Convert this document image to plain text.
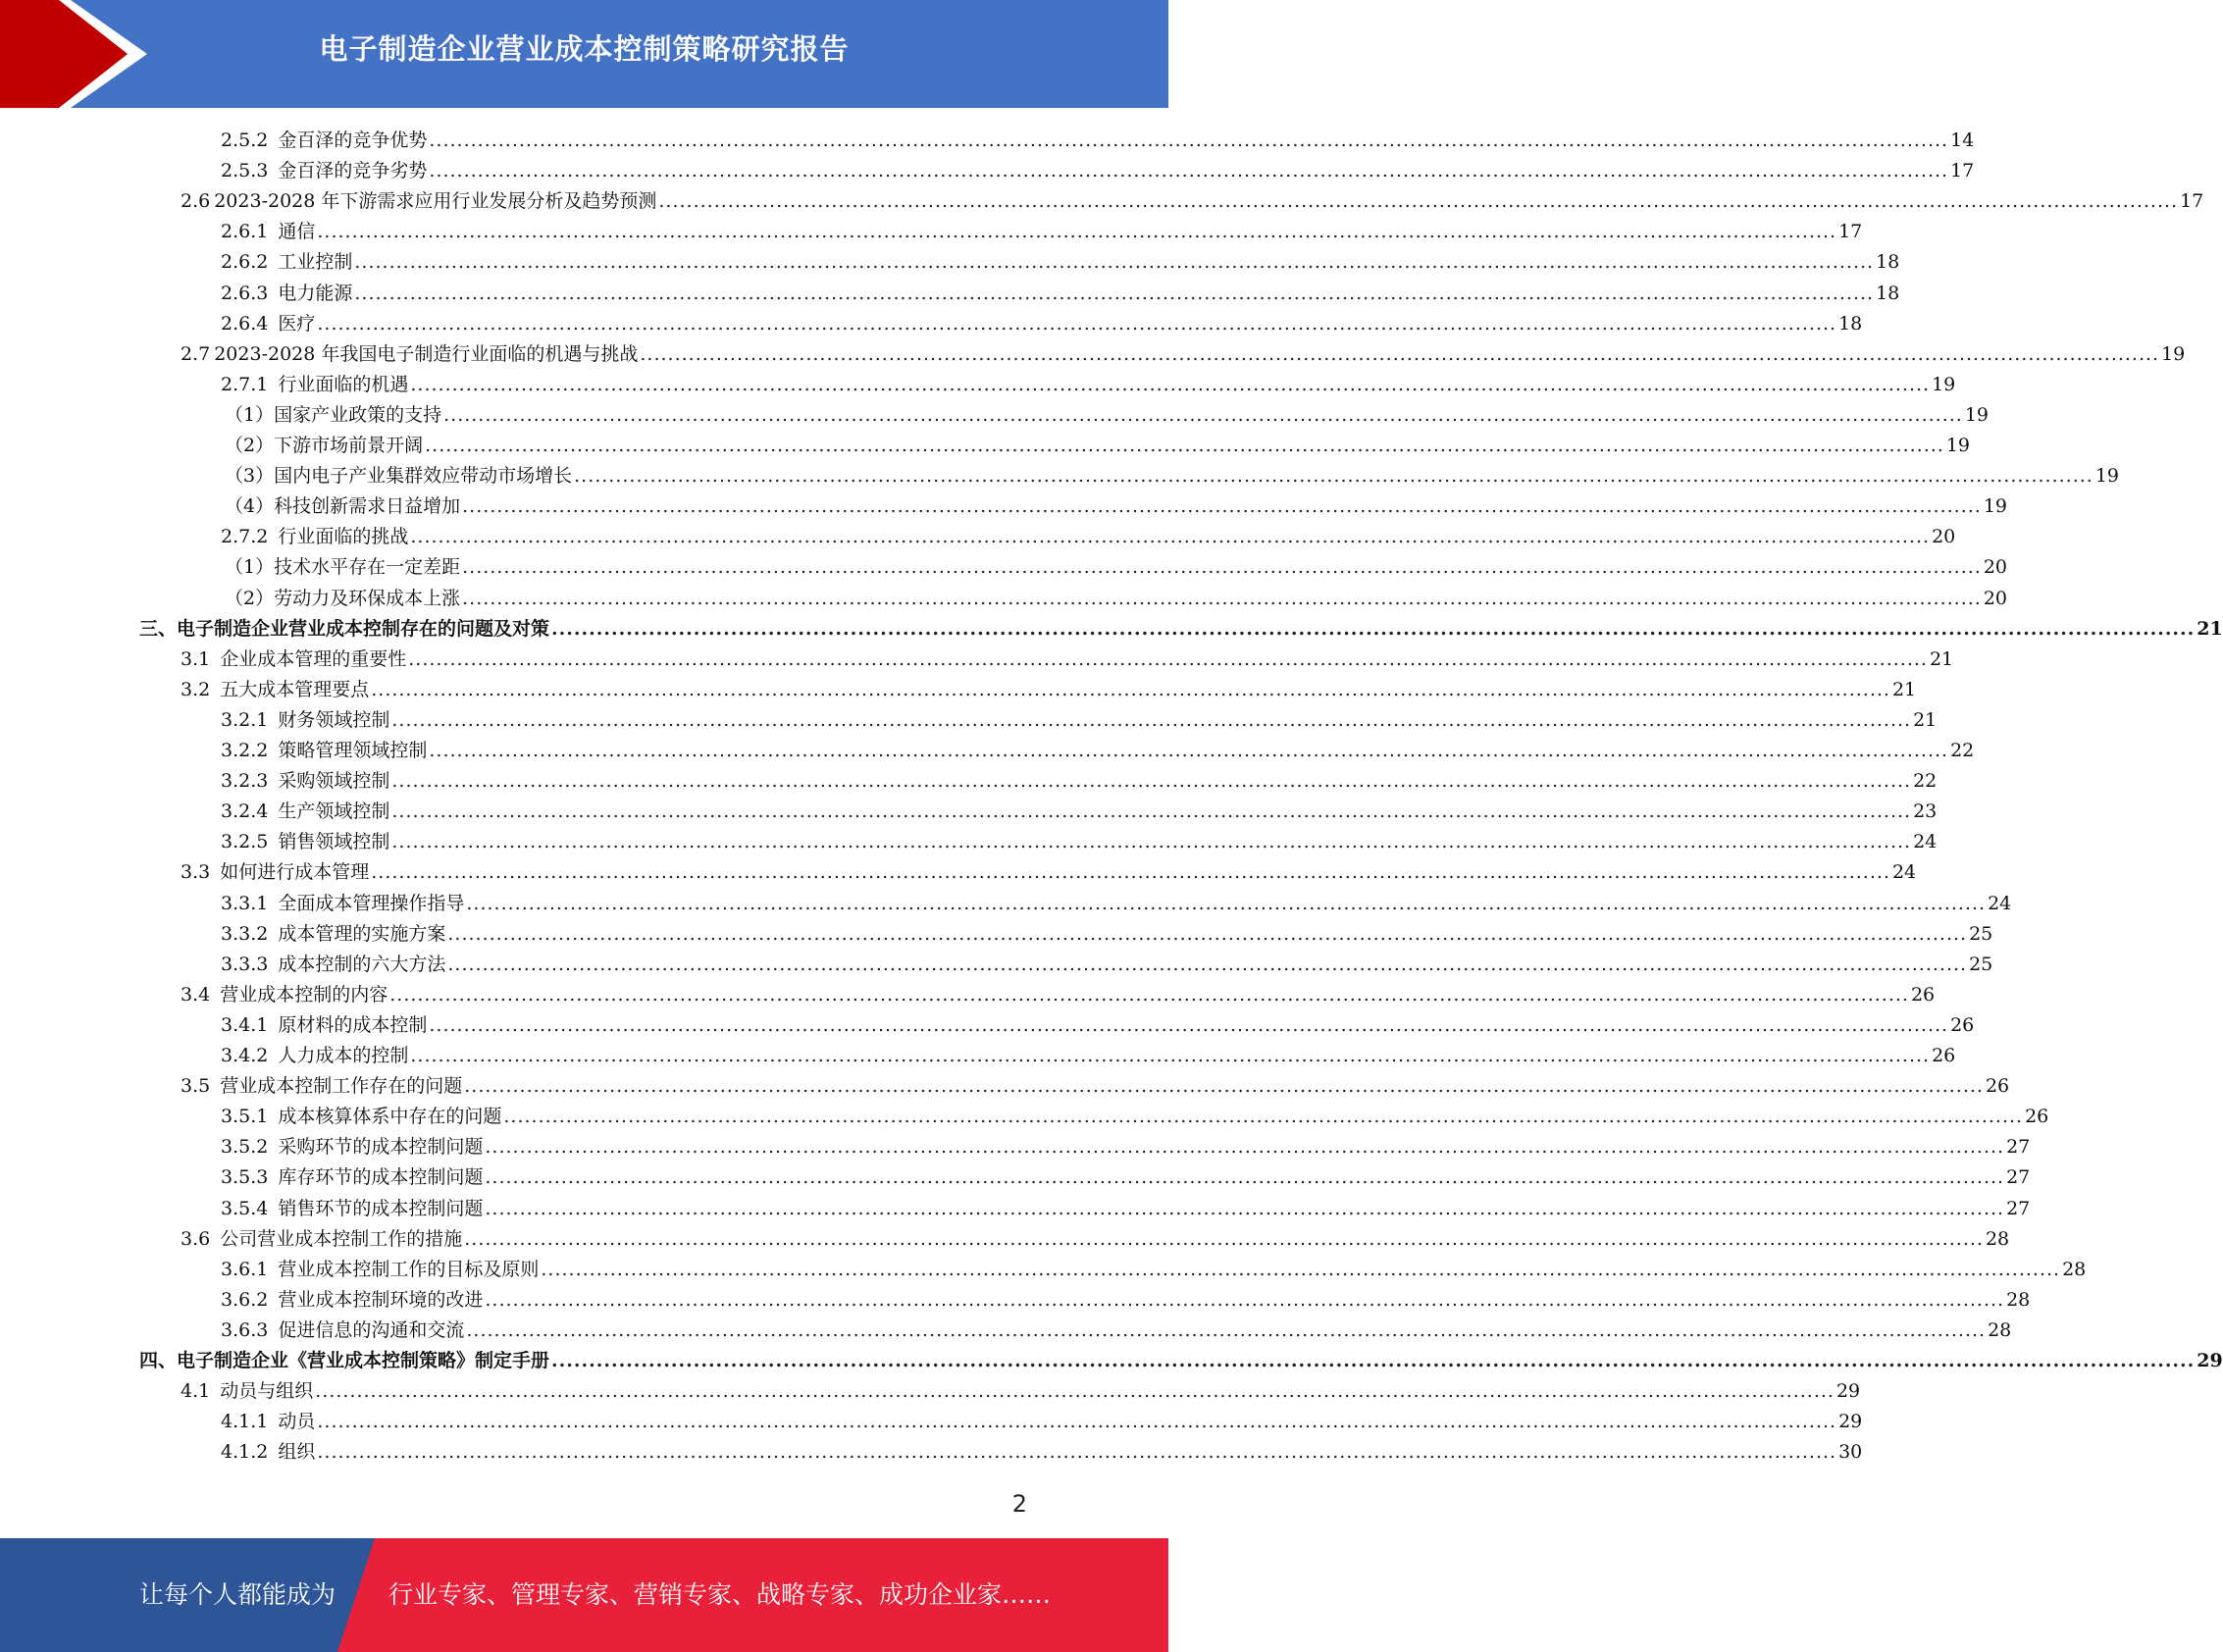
电子制造企业营业成本控制策略研究报告
2.5.2 金百泽的竞争优势 ............................................................................................................................................................................................................................ 14
2.5.3 金百泽的竞争劣势 ............................................................................................................................................................................................................................ 17
2.6 2023-2028 年下游需求应用行业发展分析及趋势预测 ............................................................................................................................................................................................................................ 17
2.6.1 通信 ............................................................................................................................................................................................................................ 17
2.6.2 工业控制 ............................................................................................................................................................................................................................ 18
2.6.3 电力能源 ............................................................................................................................................................................................................................ 18
2.6.4 医疗 ............................................................................................................................................................................................................................ 18
2.7 2023-2028 年我国电子制造行业面临的机遇与挑战 ............................................................................................................................................................................................................................ 19
2.7.1 行业面临的机遇 ............................................................................................................................................................................................................................ 19
（1）国家产业政策的支持 ............................................................................................................................................................................................................................ 19
（2）下游市场前景开阔 ............................................................................................................................................................................................................................ 19
（3）国内电子产业集群效应带动市场增长 ............................................................................................................................................................................................................................ 19
（4）科技创新需求日益增加 ............................................................................................................................................................................................................................ 19
2.7.2 行业面临的挑战 ............................................................................................................................................................................................................................ 20
（1）技术水平存在一定差距 ............................................................................................................................................................................................................................ 20
（2）劳动力及环保成本上涨 ............................................................................................................................................................................................................................ 20
三、电子制造企业营业成本控制存在的问题及对策 ............................................................................................................................................................................................................................ 21
3.1 企业成本管理的重要性 ............................................................................................................................................................................................................................ 21
3.2 五大成本管理要点 ............................................................................................................................................................................................................................ 21
3.2.1 财务领域控制 ............................................................................................................................................................................................................................ 21
3.2.2 策略管理领域控制 ............................................................................................................................................................................................................................ 22
3.2.3 采购领域控制 ............................................................................................................................................................................................................................ 22
3.2.4 生产领域控制 ............................................................................................................................................................................................................................ 23
3.2.5 销售领域控制 ............................................................................................................................................................................................................................ 24
3.3 如何进行成本管理 ............................................................................................................................................................................................................................ 24
3.3.1 全面成本管理操作指导 ............................................................................................................................................................................................................................ 24
3.3.2 成本管理的实施方案 ............................................................................................................................................................................................................................ 25
3.3.3 成本控制的六大方法 ............................................................................................................................................................................................................................ 25
3.4 营业成本控制的内容 ............................................................................................................................................................................................................................ 26
3.4.1 原材料的成本控制 ............................................................................................................................................................................................................................ 26
3.4.2 人力成本的控制 ............................................................................................................................................................................................................................ 26
3.5 营业成本控制工作存在的问题 ............................................................................................................................................................................................................................ 26
3.5.1 成本核算体系中存在的问题 ............................................................................................................................................................................................................................ 26
3.5.2 采购环节的成本控制问题 ............................................................................................................................................................................................................................ 27
3.5.3 库存环节的成本控制问题 ............................................................................................................................................................................................................................ 27
3.5.4 销售环节的成本控制问题 ............................................................................................................................................................................................................................ 27
3.6 公司营业成本控制工作的措施 ............................................................................................................................................................................................................................ 28
3.6.1 营业成本控制工作的目标及原则 ............................................................................................................................................................................................................................ 28
3.6.2 营业成本控制环境的改进 ............................................................................................................................................................................................................................ 28
3.6.3 促进信息的沟通和交流 ............................................................................................................................................................................................................................ 28
四、电子制造企业《营业成本控制策略》制定手册 ............................................................................................................................................................................................................................ 29
4.1 动员与组织 ............................................................................................................................................................................................................................ 29
4.1.1 动员 ............................................................................................................................................................................................................................ 29
4.1.2 组织 ............................................................................................................................................................................................................................ 30
2
让每个人都能成为 行业专家、管理专家、营销专家、战略专家、成功企业家……
